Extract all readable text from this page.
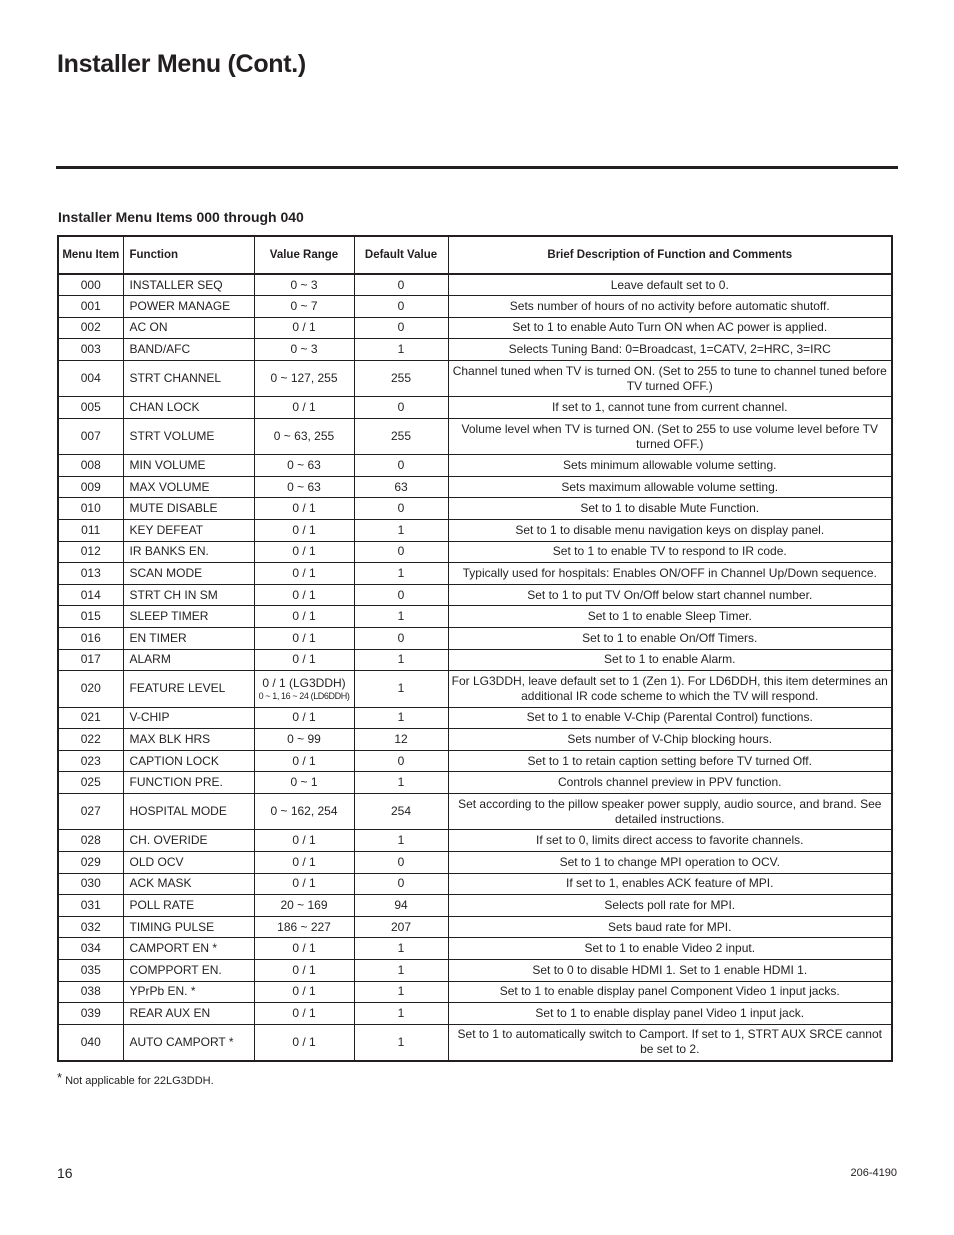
Installer Menu (Cont.)
Installer Menu Items 000 through 040
Menu Item	Function	Value Range	Default Value	Brief Description of Function and Comments
000	INSTALLER SEQ	0 ~ 3	0	Leave default set to 0.
001	POWER MANAGE	0 ~ 7	0	Sets number of hours of no activity before automatic shutoff.
002	AC ON	0 / 1	0	Set to 1 to enable Auto Turn ON when AC power is applied.
003	BAND/AFC	0 ~ 3	1	Selects Tuning Band: 0=Broadcast, 1=CATV, 2=HRC, 3=IRC
004	STRT CHANNEL	0 ~ 127, 255	255	Channel tuned when TV is turned ON. (Set to 255 to tune to channel tuned before TV turned OFF.)
005	CHAN LOCK	0 / 1	0	If set to 1, cannot tune from current channel.
007	STRT VOLUME	0 ~ 63, 255	255	Volume level when TV is turned ON. (Set to 255 to use volume level before TV turned OFF.)
008	MIN VOLUME	0 ~ 63	0	Sets minimum allowable volume setting.
009	MAX VOLUME	0 ~ 63	63	Sets maximum allowable volume setting.
010	MUTE DISABLE	0 / 1	0	Set to 1 to disable Mute Function.
011	KEY DEFEAT	0 / 1	1	Set to 1 to disable menu navigation keys on display panel.
012	IR BANKS EN.	0 / 1	0	Set to 1 to enable TV to respond to IR code.
013	SCAN MODE	0 / 1	1	Typically used for hospitals: Enables ON/OFF in Channel Up/Down sequence.
014	STRT CH IN SM	0 / 1	0	Set to 1 to put TV On/Off below start channel number.
015	SLEEP TIMER	0 / 1	1	Set to 1 to enable Sleep Timer.
016	EN TIMER	0 / 1	0	Set to 1 to enable On/Off Timers.
017	ALARM	0 / 1	1	Set to 1 to enable Alarm.
020	FEATURE LEVEL	0 / 1 (LG3DDH)
0 ~ 1, 16 ~ 24 (LD6DDH)	1	For LG3DDH, leave default set to 1 (Zen 1). For LD6DDH, this item determines an additional IR code scheme to which the TV will respond.
021	V-CHIP	0 / 1	1	Set to 1 to enable V-Chip (Parental Control) functions.
022	MAX BLK HRS	0 ~ 99	12	Sets number of V-Chip blocking hours.
023	CAPTION LOCK	0 / 1	0	Set to 1 to retain caption setting before TV turned Off.
025	FUNCTION PRE.	0 ~ 1	1	Controls channel preview in PPV function.
027	HOSPITAL MODE	0 ~ 162, 254	254	Set according to the pillow speaker power supply, audio source, and brand. See detailed instructions.
028	CH. OVERIDE	0 / 1	1	If set to 0, limits direct access to favorite channels.
029	OLD OCV	0 / 1	0	Set to 1 to change MPI operation to OCV.
030	ACK MASK	0 / 1	0	If set to 1, enables ACK feature of MPI.
031	POLL RATE	20 ~ 169	94	Selects poll rate for MPI.
032	TIMING PULSE	186 ~ 227	207	Sets baud rate for MPI.
034	CAMPORT EN *	0 / 1	1	Set to 1 to enable Video 2 input.
035	COMPPORT EN.	0 / 1	1	Set to 0 to disable HDMI 1. Set to 1 enable HDMI 1.
038	YPrPb EN. *	0 / 1	1	Set to 1 to enable display panel Component Video 1 input jacks.
039	REAR AUX EN	0 / 1	1	Set to 1 to enable display panel Video 1 input jack.
040	AUTO CAMPORT *	0 / 1	1	Set to 1 to automatically switch to Camport. If set to 1, STRT AUX SRCE cannot be set to 2.
* Not applicable for 22LG3DDH.
16	206-4190
